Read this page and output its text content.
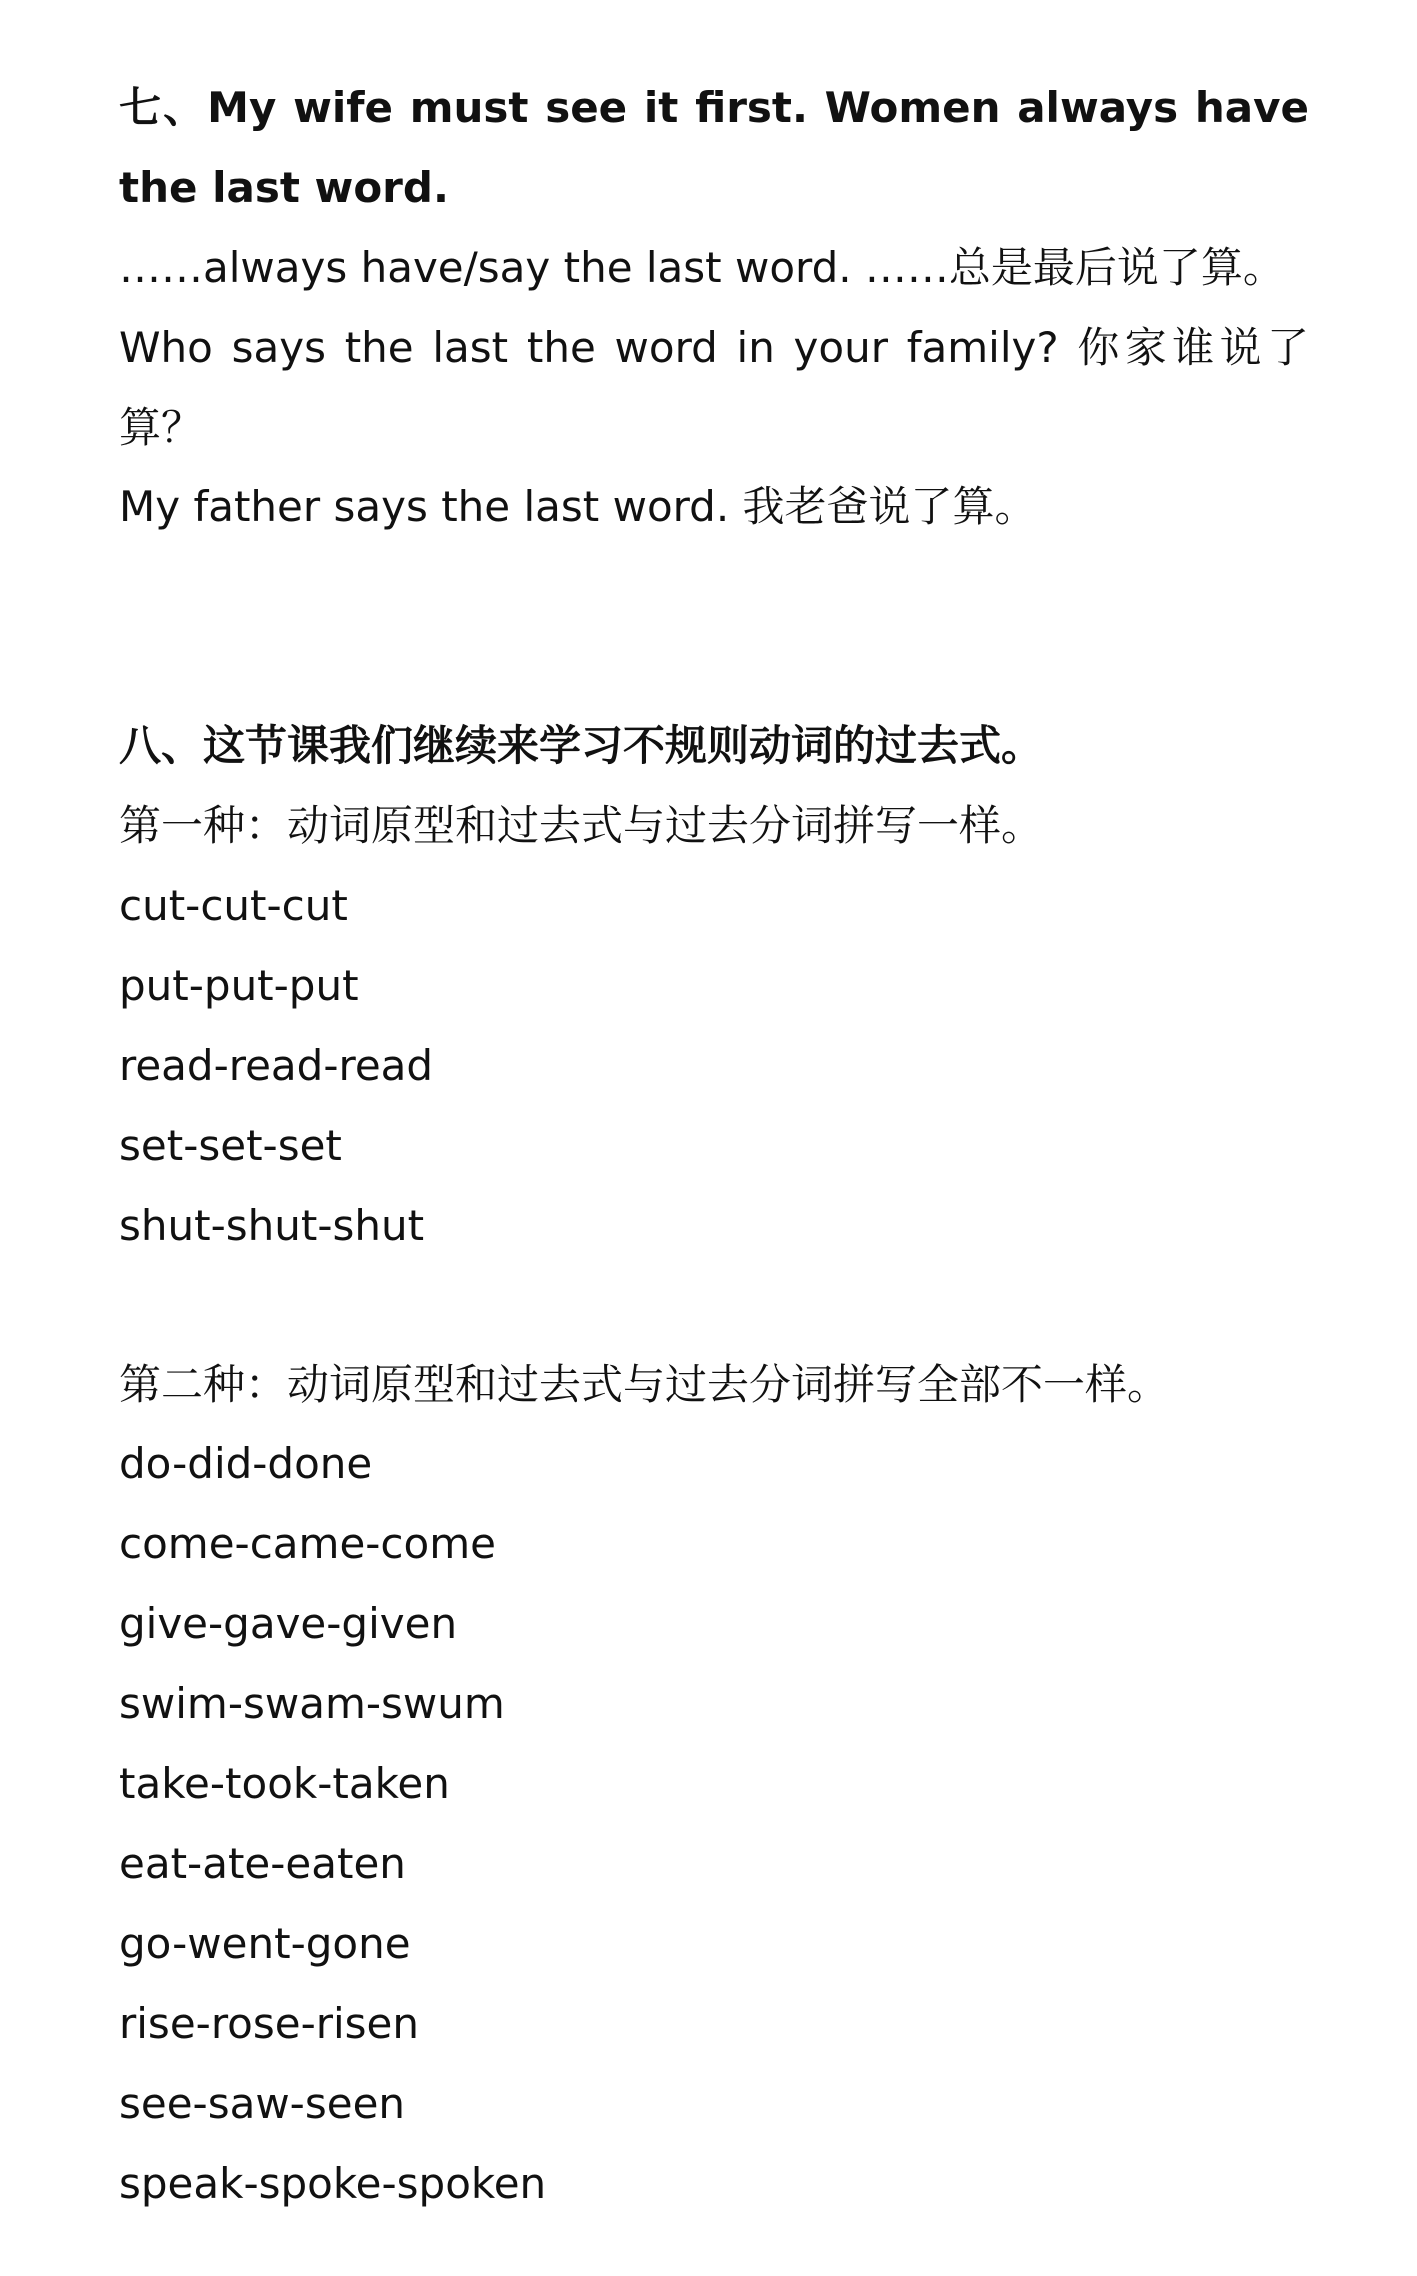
七、My wife must see it first. Women always have the last word.
……always have/say the last word. ……总是最后说了算。
Who says the last the word in your family? 你家谁说了算？
My father says the last word. 我老爸说了算。
八、这节课我们继续来学习不规则动词的过去式。
第一种：动词原型和过去式与过去分词拼写一样。
cut-cut-cut
put-put-put
read-read-read
set-set-set
shut-shut-shut
第二种：动词原型和过去式与过去分词拼写全部不一样。
do-did-done
come-came-come
give-gave-given
swim-swam-swum
take-took-taken
eat-ate-eaten
go-went-gone
rise-rose-risen
see-saw-seen
speak-spoke-spoken
